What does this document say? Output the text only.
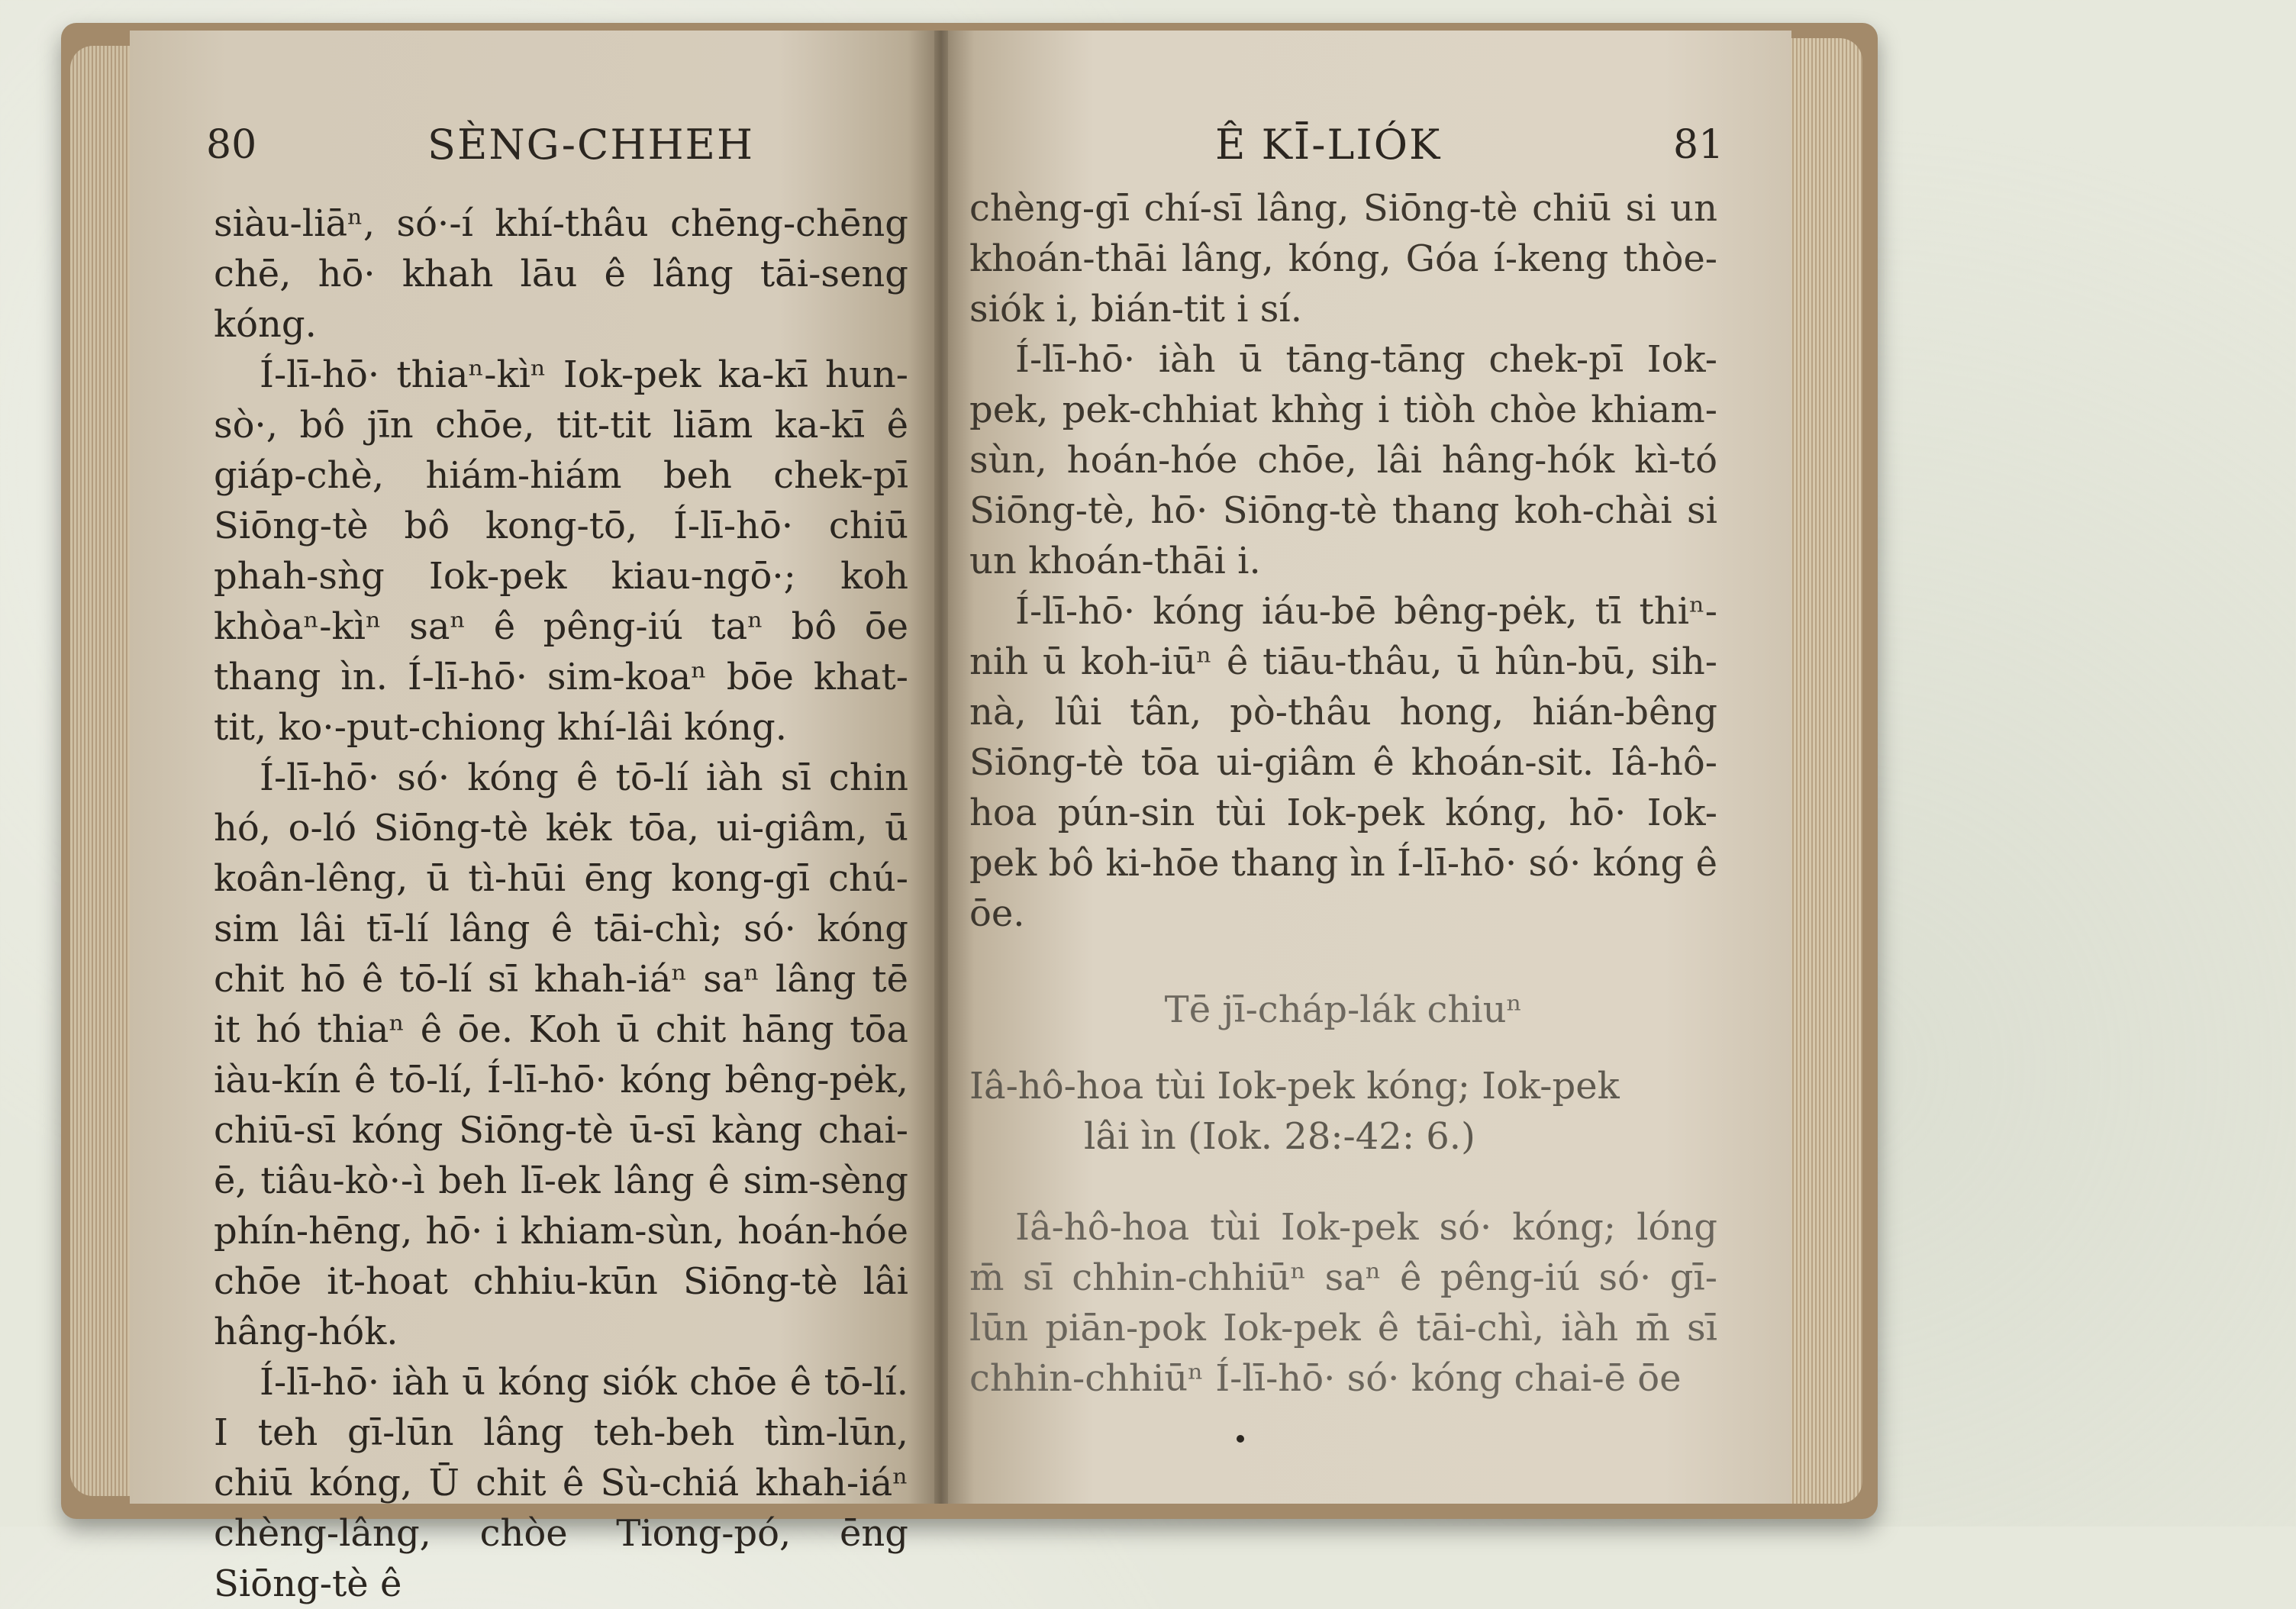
80	SÈNG-CHHEH

siàu-liāⁿ, só·-í khí-thâu chēng-chēng chē, hō· khah lāu ê lâng tāi-seng kóng.

Í-lī-hō· thiaⁿ-kìⁿ Iok-pek ka-kī hun-sò·, bô jīn chōe, tit-tit liām ka-kī ê giáp-chè, hiám-hiám beh chek-pī Siōng-tè bô kong-tō, Í-lī-hō· chiū phah-sǹg Iok-pek kiau-ngō·; koh khòaⁿ-kìⁿ saⁿ ê pêng-iú taⁿ bô ōe thang ìn. Í-lī-hō· sim-koaⁿ bōe khat-tit, ko·-put-chiong khí-lâi kóng.

Í-lī-hō· só· kóng ê tō-lí iàh sī chin hó, o-ló Siōng-tè kėk tōa, ui-giâm, ū koân-lêng, ū tì-hūi ēng kong-gī chú-sim lâi tī-lí lâng ê tāi-chì; só· kóng chit hō ê tō-lí sī khah-iáⁿ saⁿ lâng tē it hó thiaⁿ ê ōe. Koh ū chit hāng tōa iàu-kín ê tō-lí, Í-lī-hō· kóng bêng-pėk, chiū-sī kóng Siōng-tè ū-sī kàng chai-ē, tiâu-kò·-ì beh lī-ek lâng ê sim-sèng phín-hēng, hō· i khiam-sùn, hoán-hóe chōe it-hoat chhiu-kūn Siōng-tè lâi hâng-hók.

Í-lī-hō· iàh ū kóng siók chōe ê tō-lí. I teh gī-lūn lâng teh-beh tìm-lūn, chiū kóng, Ū chit ê Sù-chiá khah-iáⁿ chèng-lâng, chòe Tiong-pó, ēng Siōng-tè ê

Ê KĪ-LIÓK	81

chèng-gī chí-sī lâng, Siōng-tè chiū si un khoán-thāi lâng, kóng, Góa í-keng thòe-siók i, bián-tit i sí.

Í-lī-hō· iàh ū tāng-tāng chek-pī Iok-pek, pek-chhiat khǹg i tiòh chòe khiam-sùn, hoán-hóe chōe, lâi hâng-hók kì-tó Siōng-tè, hō· Siōng-tè thang koh-chài si un khoán-thāi i.

Í-lī-hō· kóng iáu-bē bêng-pėk, tī thiⁿ-nih ū koh-iūⁿ ê tiāu-thâu, ū hûn-bū, sih-nà, lûi tân, pò-thâu hong, hián-bêng Siōng-tè tōa ui-giâm ê khoán-sit. Iâ-hô-hoa pún-sin tùi Iok-pek kóng, hō· Iok-pek bô ki-hōe thang ìn Í-lī-hō· só· kóng ê ōe.

Tē jī-cháp-lák chiuⁿ

Iâ-hô-hoa tùi Iok-pek kóng; Iok-pek

lâi ìn (Iok. 28:-42: 6.)

Iâ-hô-hoa tùi Iok-pek só· kóng; lóng m̄ sī chhin-chhiūⁿ saⁿ ê pêng-iú só· gī-lūn piān-pok Iok-pek ê tāi-chì, iàh m̄ sī chhin-chhiūⁿ Í-lī-hō· só· kóng chai-ē ōe
